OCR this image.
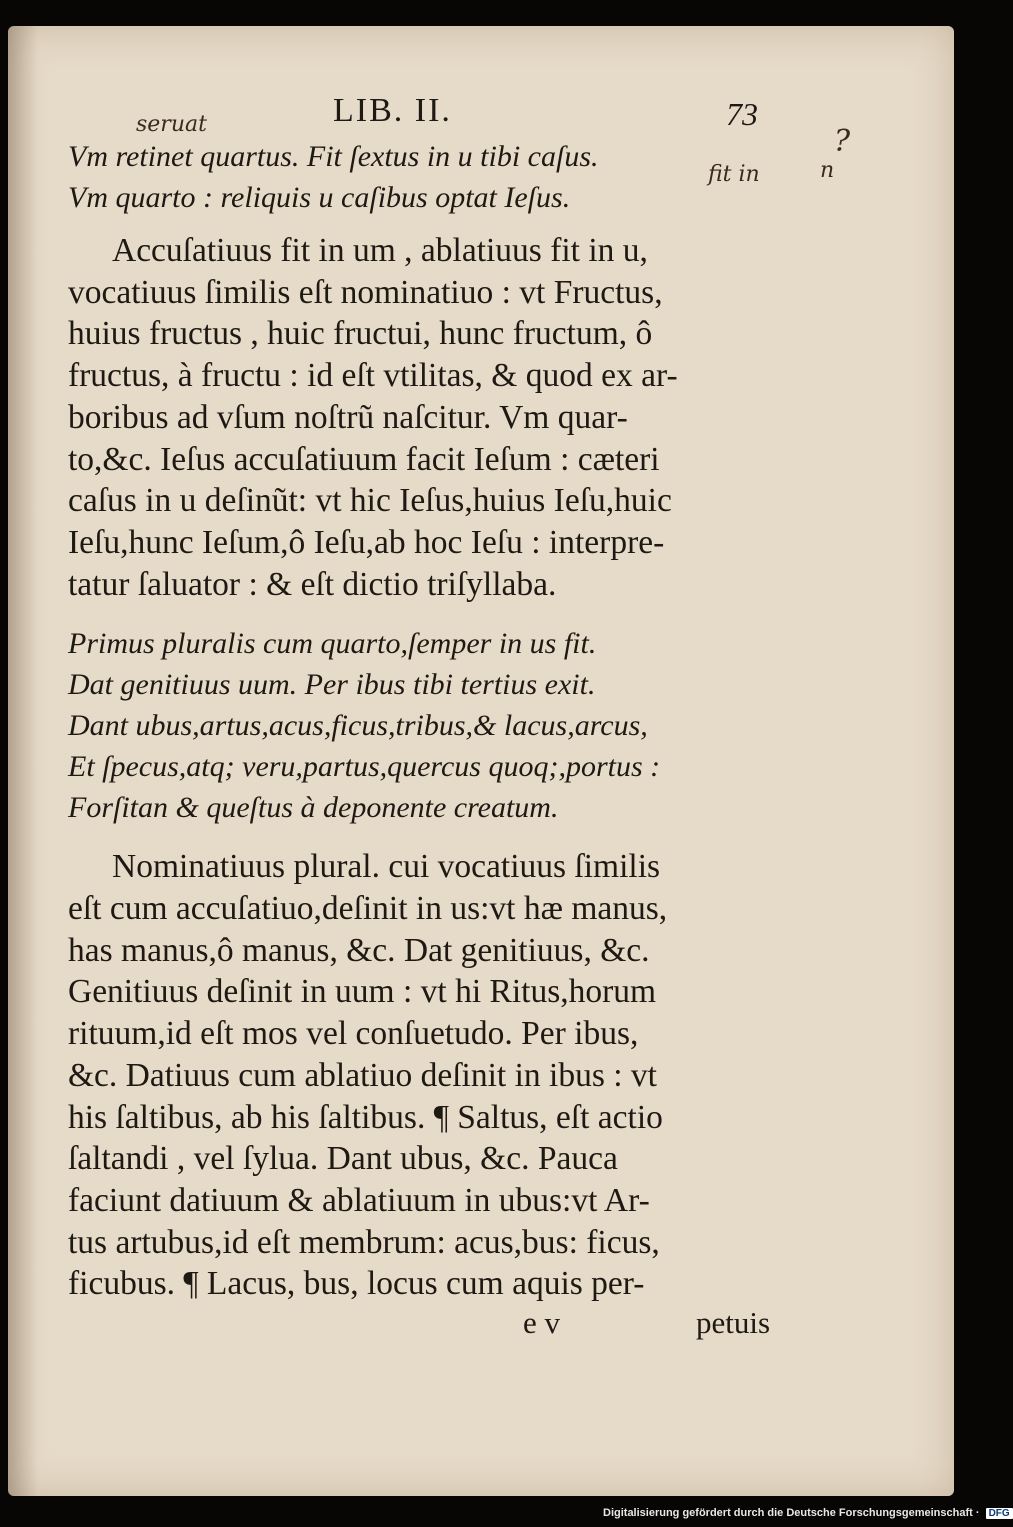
seruat
fit in
?
n
LIB. II.	73
Vm retinet quartus. Fit ſextus in u tibi caſus.
Vm quarto : reliquis u caſibus optat Ieſus.
Accuſatiuus fit in um , ablatiuus fit in u,
vocatiuus ſimilis eſt nominatiuo : vt Fructus,
huius fructus , huic fructui, hunc fructum, ô
fructus, à fructu : id eſt vtilitas, & quod ex ar-
boribus ad vſum noſtrũ naſcitur. Vm quar-
to,&c. Ieſus accuſatiuum facit Ieſum : cæteri
caſus in u deſinũt: vt hic Ieſus,huius Ieſu,huic
Ieſu,hunc Ieſum,ô Ieſu,ab hoc Ieſu : interpre-
tatur ſaluator : & eſt dictio triſyllaba.
Primus pluralis cum quarto,ſemper in us fit.
Dat genitiuus uum. Per ibus tibi tertius exit.
Dant ubus,artus,acus,ficus,tribus,& lacus,arcus,
Et ſpecus,atq; veru,partus,quercus quoq;,portus :
Forſitan & queſtus à deponente creatum.
Nominatiuus plural. cui vocatiuus ſimilis
eſt cum accuſatiuo,deſinit in us:vt hæ manus,
has manus,ô manus, &c. Dat genitiuus, &c.
Genitiuus deſinit in uum : vt hi Ritus,horum
rituum,id eſt mos vel conſuetudo. Per ibus,
&c. Datiuus cum ablatiuo deſinit in ibus : vt
his ſaltibus, ab his ſaltibus. ¶ Saltus, eſt actio
ſaltandi , vel ſylua. Dant ubus, &c. Pauca
faciunt datiuum & ablatiuum in ubus:vt Ar-
tus artubus,id eſt membrum: acus,bus: ficus,
ficubus. ¶ Lacus, bus, locus cum aquis per-
e v	petuis
Digitalisierung gefördert durch die Deutsche Forschungsgemeinschaft · DFG
